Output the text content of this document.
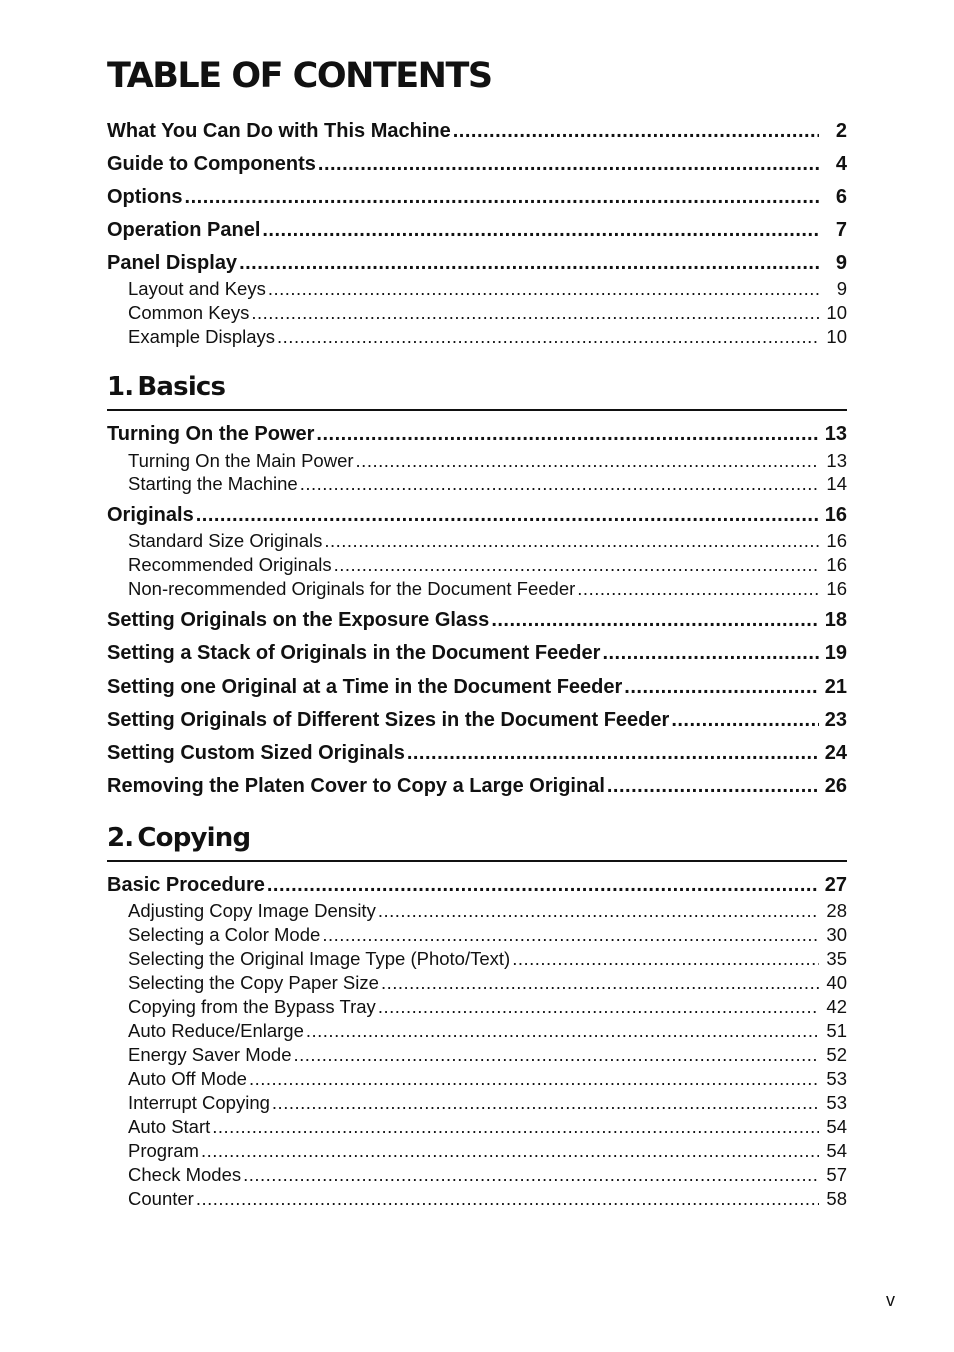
TABLE OF CONTENTS
What You Can Do with This Machine .....	2
Guide to Components .....	4
Options .....	6
Operation Panel .....	7
Panel Display .....	9
Layout and Keys .....	9
Common Keys .....	10
Example Displays .....	10
1. Basics
Turning On the Power .....	13
Turning On the Main Power .....	13
Starting the Machine .....	14
Originals .....	16
Standard Size Originals .....	16
Recommended Originals .....	16
Non-recommended Originals for the Document Feeder .....	16
Setting Originals on the Exposure Glass .....	18
Setting a Stack of Originals in the Document Feeder .....	19
Setting one Original at a Time in the Document Feeder .....	21
Setting Originals of Different Sizes in the Document Feeder .....	23
Setting Custom Sized Originals .....	24
Removing the Platen Cover to Copy a Large Original .....	26
2. Copying
Basic Procedure .....	27
Adjusting Copy Image Density .....	28
Selecting a Color Mode .....	30
Selecting the Original Image Type (Photo/Text) .....	35
Selecting the Copy Paper Size .....	40
Copying from the Bypass Tray .....	42
Auto Reduce/Enlarge .....	51
Energy Saver Mode .....	52
Auto Off Mode .....	53
Interrupt Copying .....	53
Auto Start .....	54
Program .....	54
Check Modes .....	57
Counter .....	58
v
